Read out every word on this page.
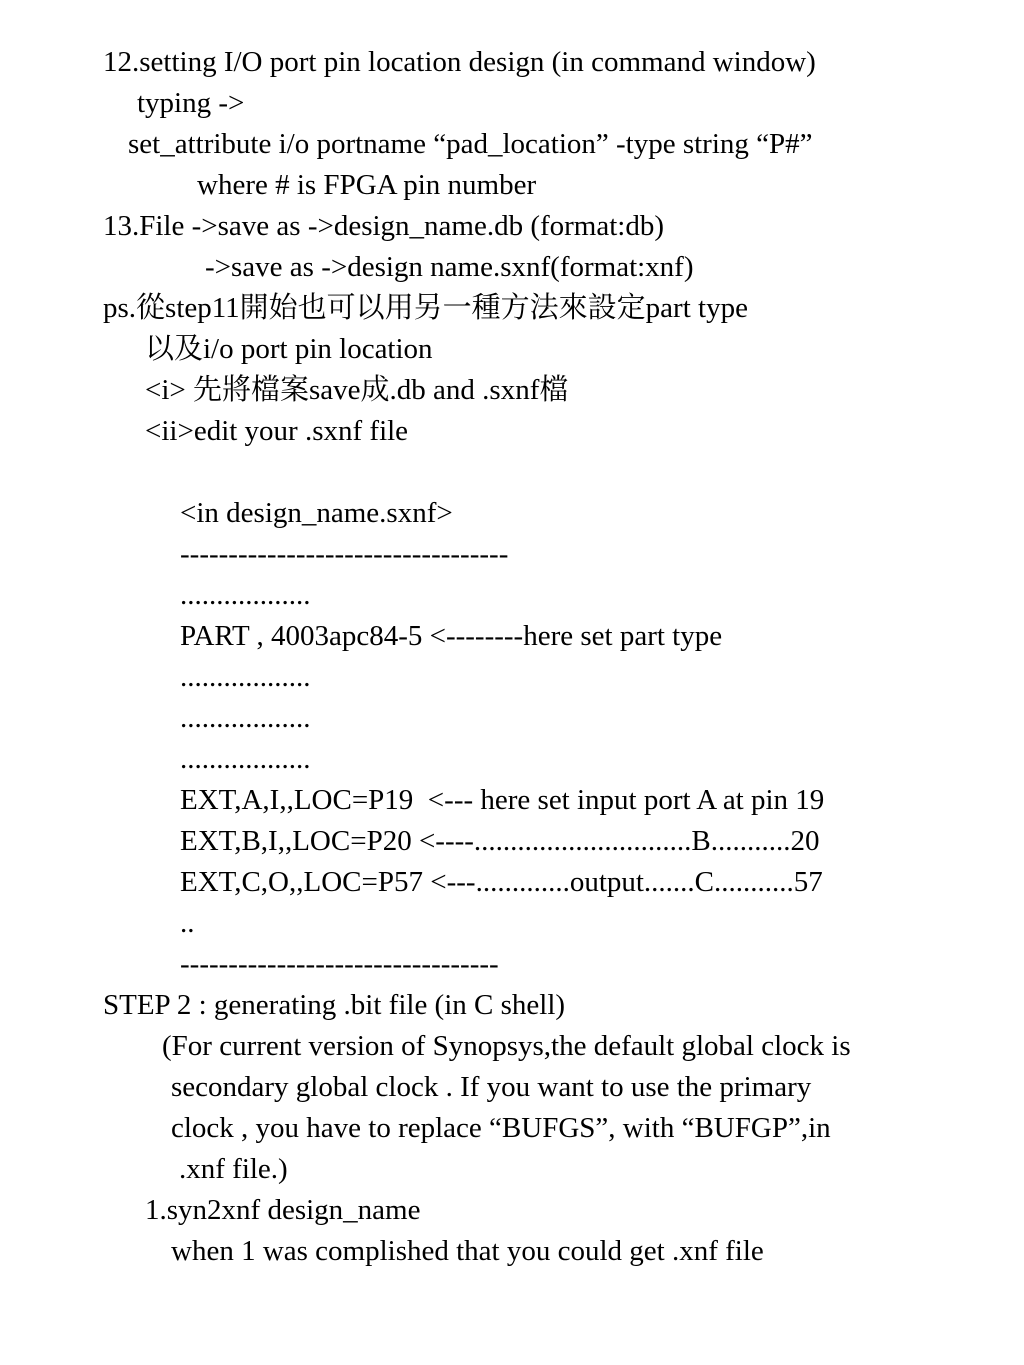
12.setting I/O port pin location design (in command window)
typing ->
set_attribute i/o portname “pad_location” -type string “P#”
where # is FPGA pin number
13.File ->save as ->design_name.db (format:db)
->save as ->design name.sxnf(format:xnf)
ps.從step11開始也可以用另一種方法來設定part type
以及i/o port pin location
<i> 先將檔案save成.db and .sxnf檔
<ii>edit your .sxnf file
<in design_name.sxnf>
----------------------------------
..................
PART , 4003apc84-5 <--------here set part type
..................
..................
..................
EXT,A,I,,LOC=P19  <--- here set input port A at pin 19
EXT,B,I,,LOC=P20 <----..............................B...........20
EXT,C,O,,LOC=P57 <---.............output.......C...........57
..
---------------------------------
STEP 2 : generating .bit file (in C shell)
(For current version of Synopsys,the default global clock is
secondary global clock . If you want to use the primary
clock , you have to replace “BUFGS”, with “BUFGP”,in
.xnf file.)
1.syn2xnf design_name
when 1 was complished that you could get .xnf file
